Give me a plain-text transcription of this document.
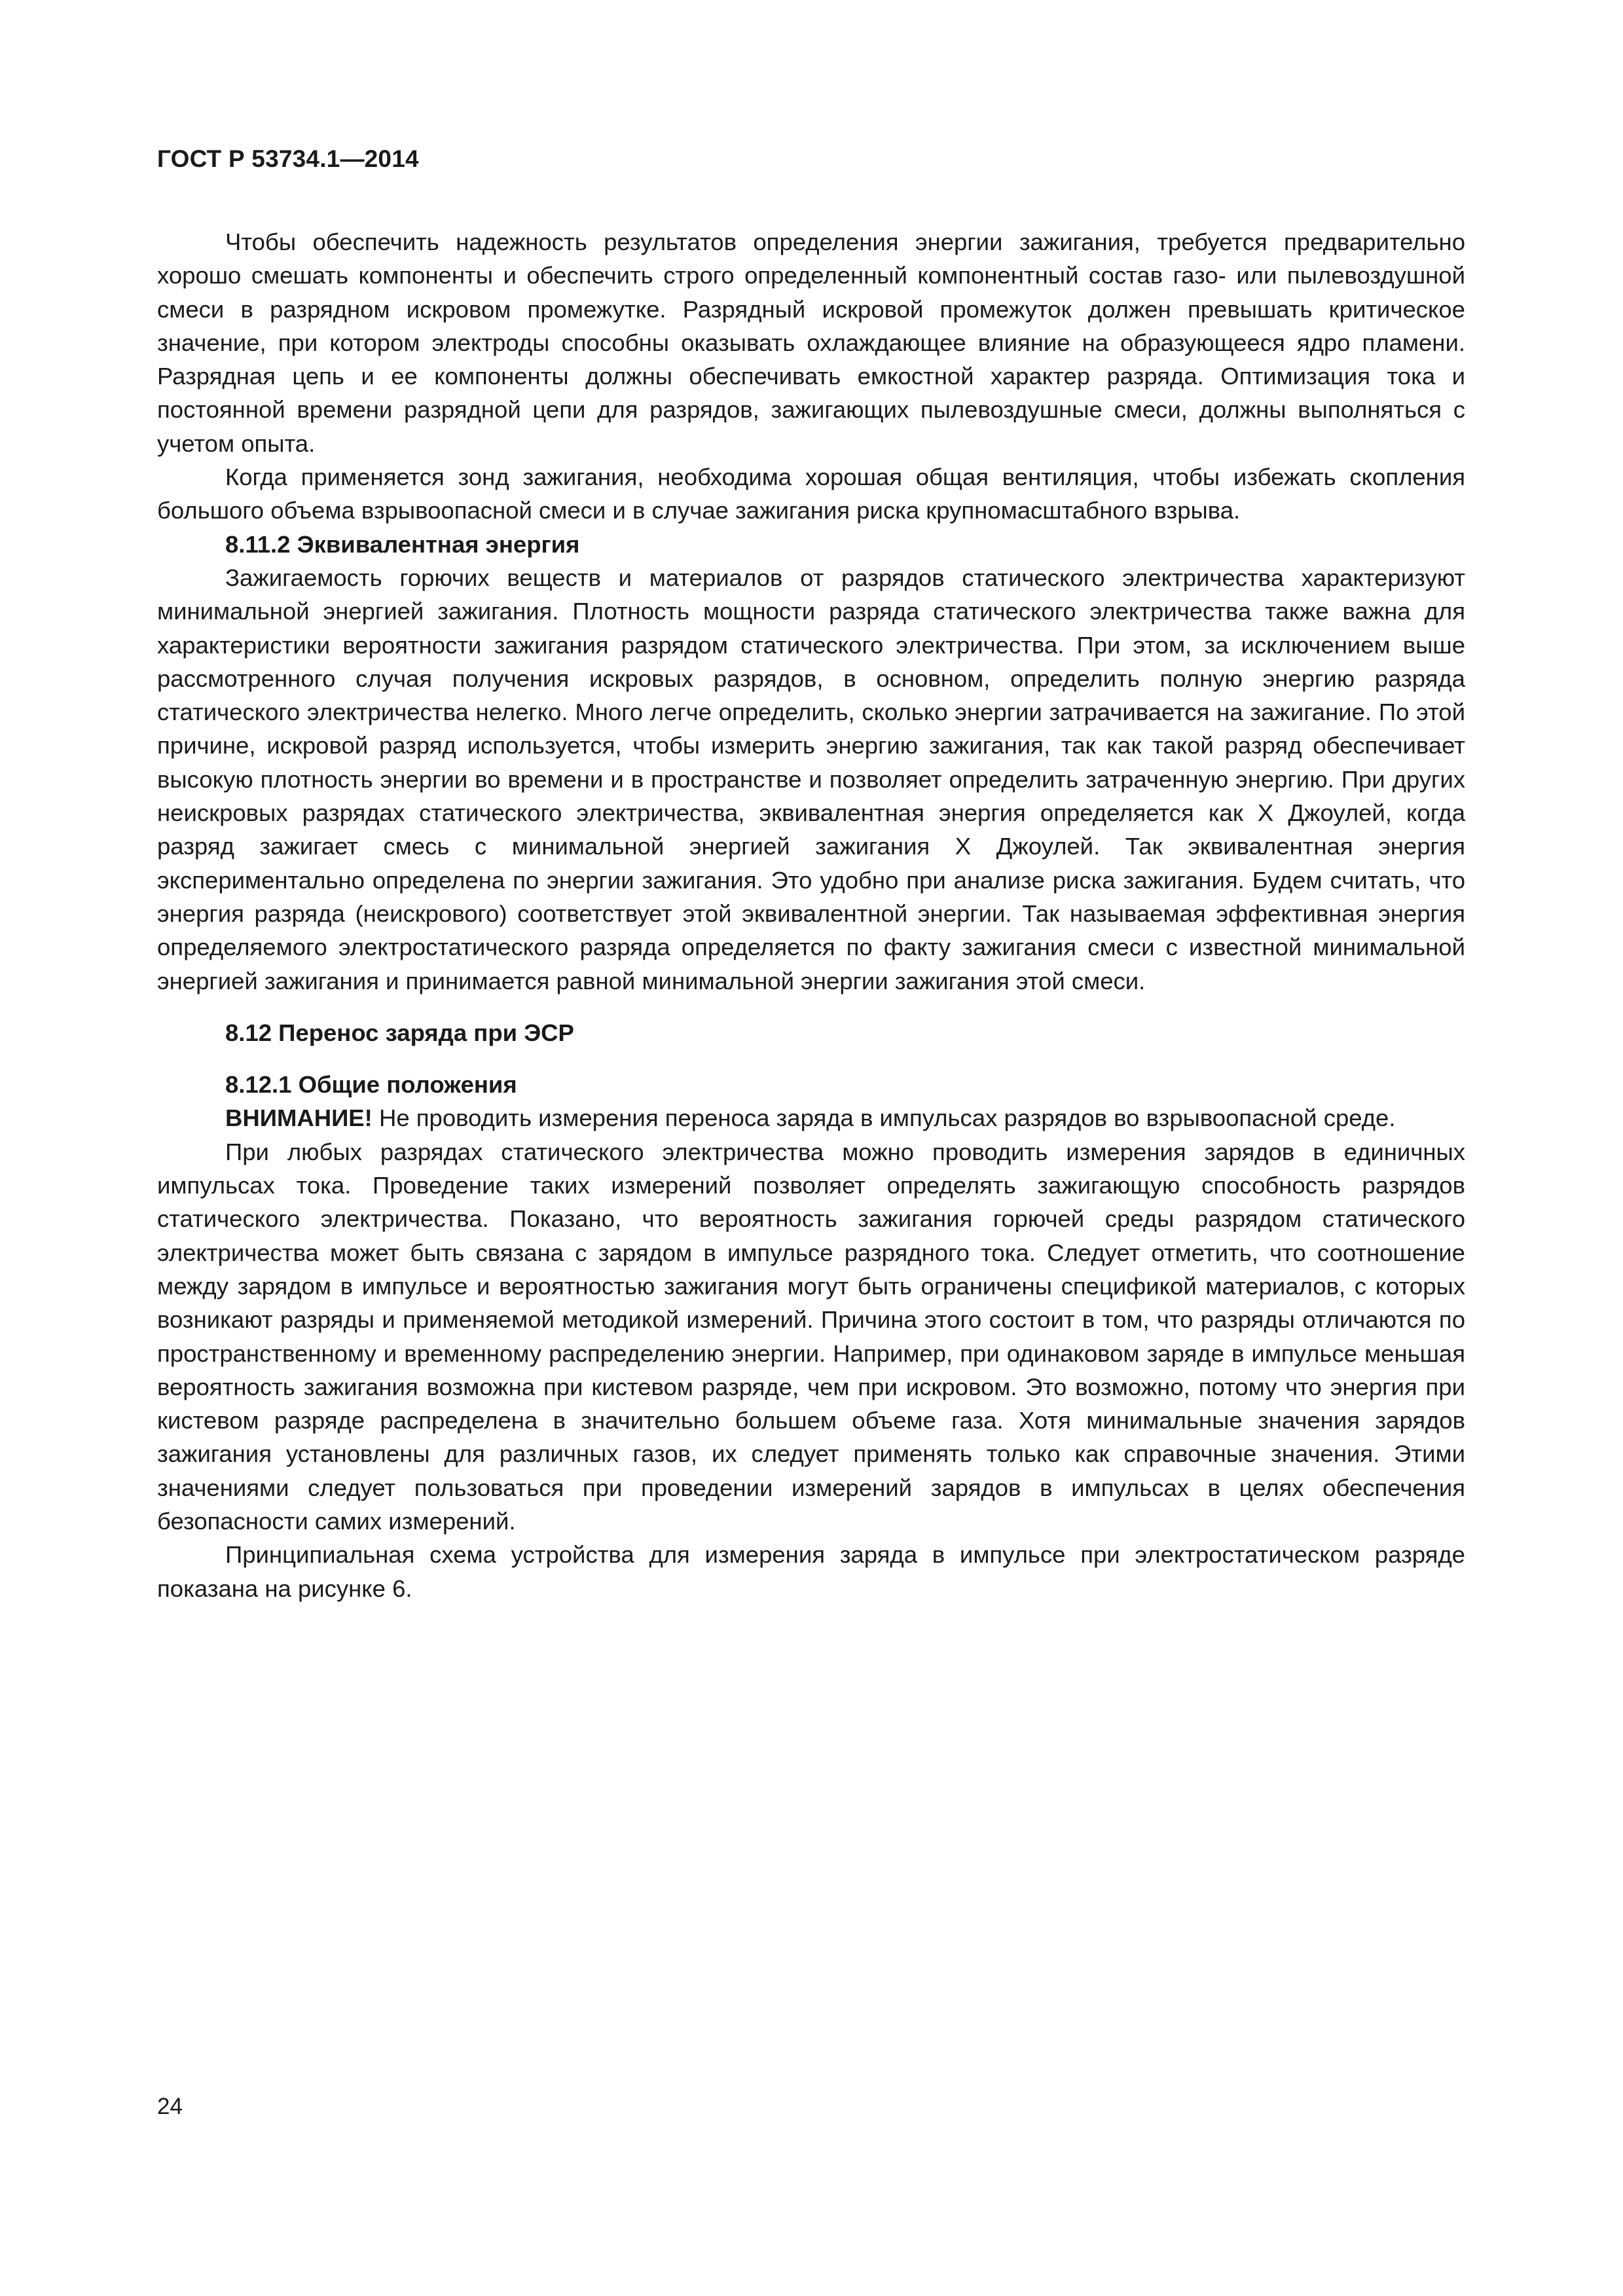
ГОСТ Р 53734.1—2014

Чтобы обеспечить надежность результатов определения энергии зажигания, требуется предварительно хорошо смешать компоненты и обеспечить строго определенный компонентный состав газо- или пылевоздушной смеси в разрядном искровом промежутке. Разрядный искровой промежуток должен превышать критическое значение, при котором электроды способны оказывать охлаждающее влияние на образующееся ядро пламени. Разрядная цепь и ее компоненты должны обеспечивать емкостной характер разряда. Оптимизация тока и постоянной времени разрядной цепи для разрядов, зажигающих пылевоздушные смеси, должны выполняться с учетом опыта.

Когда применяется зонд зажигания, необходима хорошая общая вентиляция, чтобы избежать скопления большого объема взрывоопасной смеси и в случае зажигания риска крупномасштабного взрыва.

8.11.2 Эквивалентная энергия

Зажигаемость горючих веществ и материалов от разрядов статического электричества характеризуют минимальной энергией зажигания. Плотность мощности разряда статического электричества также важна для характеристики вероятности зажигания разрядом статического электричества. При этом, за исключением выше рассмотренного случая получения искровых разрядов, в основном, определить полную энергию разряда статического электричества нелегко. Много легче определить, сколько энергии затрачивается на зажигание. По этой причине, искровой разряд используется, чтобы измерить энергию зажигания, так как такой разряд обеспечивает высокую плотность энергии во времени и в пространстве и позволяет определить затраченную энергию. При других неискровых разрядах статического электричества, эквивалентная энергия определяется как X Джоулей, когда разряд зажигает смесь с минимальной энергией зажигания X Джоулей. Так эквивалентная энергия экспериментально определена по энергии зажигания. Это удобно при анализе риска зажигания. Будем считать, что энергия разряда (неискрового) соответствует этой эквивалентной энергии. Так называемая эффективная энергия определяемого электростатического разряда определяется по факту зажигания смеси с известной минимальной энергией зажигания и принимается равной минимальной энергии зажигания этой смеси.

8.12 Перенос заряда при ЭСР
8.12.1 Общие положения

ВНИМАНИЕ! Не проводить измерения переноса заряда в импульсах разрядов во взрывоопасной среде.

При любых разрядах статического электричества можно проводить измерения зарядов в единичных импульсах тока. Проведение таких измерений позволяет определять зажигающую способность разрядов статического электричества. Показано, что вероятность зажигания горючей среды разрядом статического электричества может быть связана с зарядом в импульсе разрядного тока. Следует отметить, что соотношение между зарядом в импульсе и вероятностью зажигания могут быть ограничены спецификой материалов, с которых возникают разряды и применяемой методикой измерений. Причина этого состоит в том, что разряды отличаются по пространственному и временному распределению энергии. Например, при одинаковом заряде в импульсе меньшая вероятность зажигания возможна при кистевом разряде, чем при искровом. Это возможно, потому что энергия при кистевом разряде распределена в значительно большем объеме газа. Хотя минимальные значения зарядов зажигания установлены для различных газов, их следует применять только как справочные значения. Этими значениями следует пользоваться при проведении измерений зарядов в импульсах в целях обеспечения безопасности самих измерений.

Принципиальная схема устройства для измерения заряда в импульсе при электростатическом разряде показана на рисунке 6.

24
